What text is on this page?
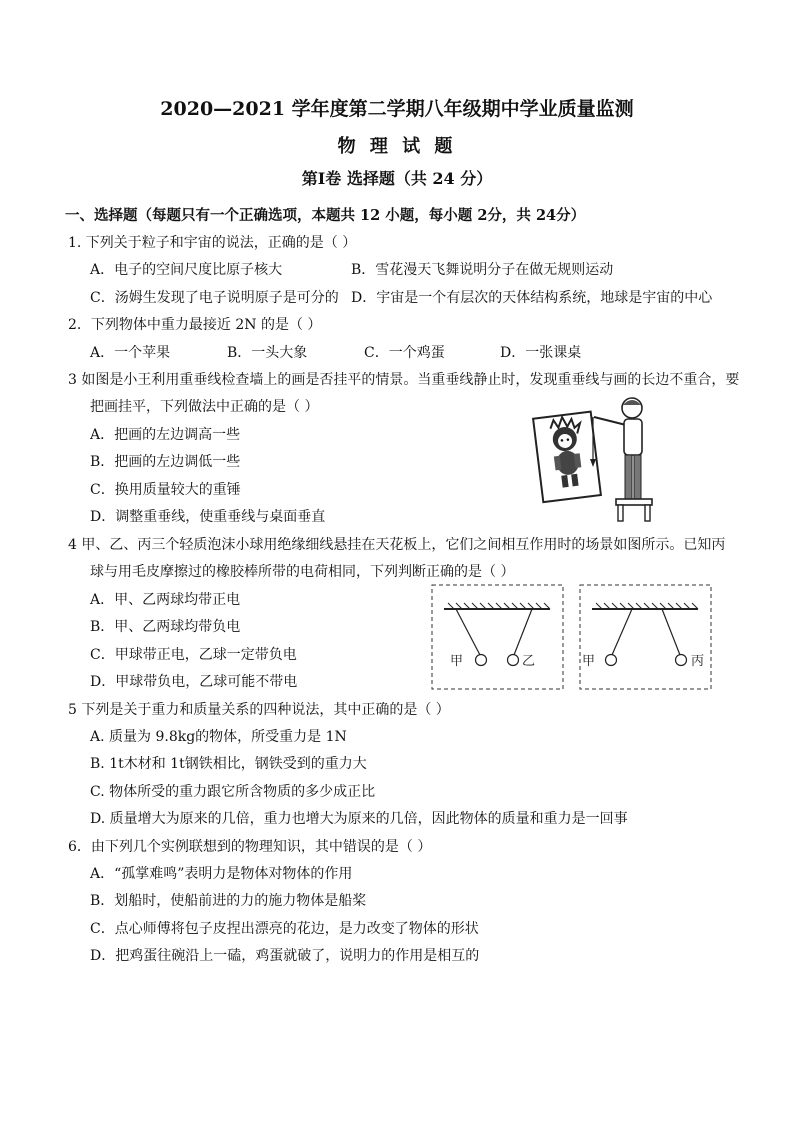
2020—2021 学年度第二学期八年级期中学业质量监测
物 理 试 题
第Ⅰ卷 选择题（共 24 分）
一、选择题（每题只有一个正确选项，本题共 12 小题，每小题 2分，共 24分）
1. 下列关于粒子和宇宙的说法，正确的是（ ）
A．电子的空间尺度比原子核大	B．雪花漫天飞舞说明分子在做无规则运动
C．汤姆生发现了电子说明原子是可分的 D．宇宙是一个有层次的天体结构系统，地球是宇宙的中心
2．下列物体中重力最接近 2N 的是（ ）
A．一个苹果	B．一头大象	C．一个鸡蛋	D．一张课桌
3 如图是小王利用重垂线检查墙上的画是否挂平的情景。当重垂线静止时，发现重垂线与画的长边不重合，要
把画挂平，下列做法中正确的是（ ）
A．把画的左边调高一些
B．把画的左边调低一些
C．换用质量较大的重锤
D．调整重垂线，使重垂线与桌面垂直
4 甲、乙、丙三个轻质泡沫小球用绝缘细线悬挂在天花板上，它们之间相互作用时的场景如图所示。已知丙
球与用毛皮摩擦过的橡胶棒所带的电荷相同，下列判断正确的是（ ）
A．甲、乙两球均带正电
B．甲、乙两球均带负电
C．甲球带正电，乙球一定带负电
D．甲球带负电，乙球可能不带电
甲	乙	甲	丙
5 下列是关于重力和质量关系的四种说法，其中正确的是（ ）
A. 质量为 9.8kg的物体，所受重力是 1N
B. 1t木材和 1t钢铁相比，钢铁受到的重力大
C. 物体所受的重力跟它所含物质的多少成正比
D. 质量增大为原来的几倍，重力也增大为原来的几倍，因此物体的质量和重力是一回事
6．由下列几个实例联想到的物理知识，其中错误的是（ ）
A．“孤掌难鸣”表明力是物体对物体的作用
B．划船时，使船前进的力的施力物体是船桨
C．点心师傅将包子皮捏出漂亮的花边，是力改变了物体的形状
D．把鸡蛋往碗沿上一磕，鸡蛋就破了，说明力的作用是相互的
